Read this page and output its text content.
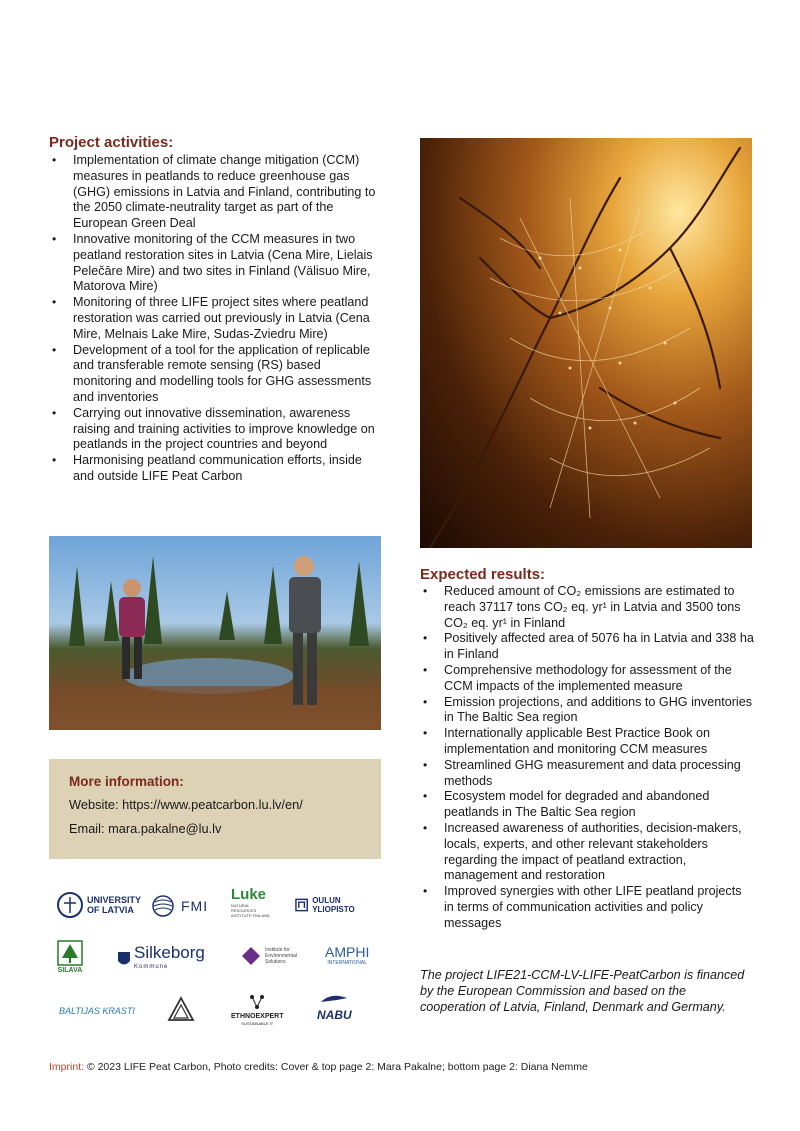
Project activities:
• Implementation of climate change mitigation (CCM) measures in peatlands to reduce greenhouse gas (GHG) emissions in Latvia and Finland, contributing to the 2050 climate-neutrality target as part of the European Green Deal
• Innovative monitoring of the CCM measures in two peatland restoration sites in Latvia (Cena Mire, Lielais Pelečāre Mire) and two sites in Finland (Välisuo Mire, Matorova Mire)
• Monitoring of three LIFE project sites where peatland restoration was carried out previously in Latvia (Cena Mire, Melnais Lake Mire, Sudas-Zviedru Mire)
• Development of a tool for the application of replicable and transferable remote sensing (RS) based monitoring and modelling tools for GHG assessments and inventories
• Carrying out innovative dissemination, awareness raising and training activities to improve knowledge on peatlands in the project countries and beyond
• Harmonising peatland communication efforts, inside and outside LIFE Peat Carbon
Expected results:
• Reduced amount of CO₂ emissions are estimated to reach 37117 tons CO₂ eq. yr¹ in Latvia and 3500 tons CO₂ eq. yr¹ in Finland
• Positively affected area of 5076 ha in Latvia and 338 ha in Finland
• Comprehensive methodology for assessment of the CCM impacts of the implemented measure
• Emission projections, and additions to GHG inventories in The Baltic Sea region
• Internationally applicable Best Practice Book on implementation and monitoring CCM measures
• Streamlined GHG measurement and data processing methods
• Ecosystem model for degraded and abandoned peatlands in The Baltic Sea region
• Increased awareness of authorities, decision-makers, locals, experts, and other relevant stakeholders regarding the impact of peatland extraction, management and restoration
• Improved synergies with other LIFE peatland projects in terms of communication activities and policy messages
More information:
Website: https://www.peatcarbon.lu.lv/en/
Email: mara.pakalne@lu.lv
UNIVERSITY OF LATVIA	FMI
Luke
NATURAL RESOURCES INSTITUTE FINLAND
OULUN YLIOPISTO
SILAVA
Silkeborg
Kommune
Institute for Environmental Solutions
AMPHI
INTERNATIONAL
BALTIJAS KRASTI
ETHNOEXPERT
SUSTAINABLE IT
NABU
The project LIFE21-CCM-LV-LIFE-PeatCarbon is financed by the European Commission and based on the cooperation of Latvia, Finland, Denmark and Germany.
Imprint: © 2023 LIFE Peat Carbon, Photo credits: Cover & top page 2: Mara Pakalne; bottom page 2: Diana Nemme
